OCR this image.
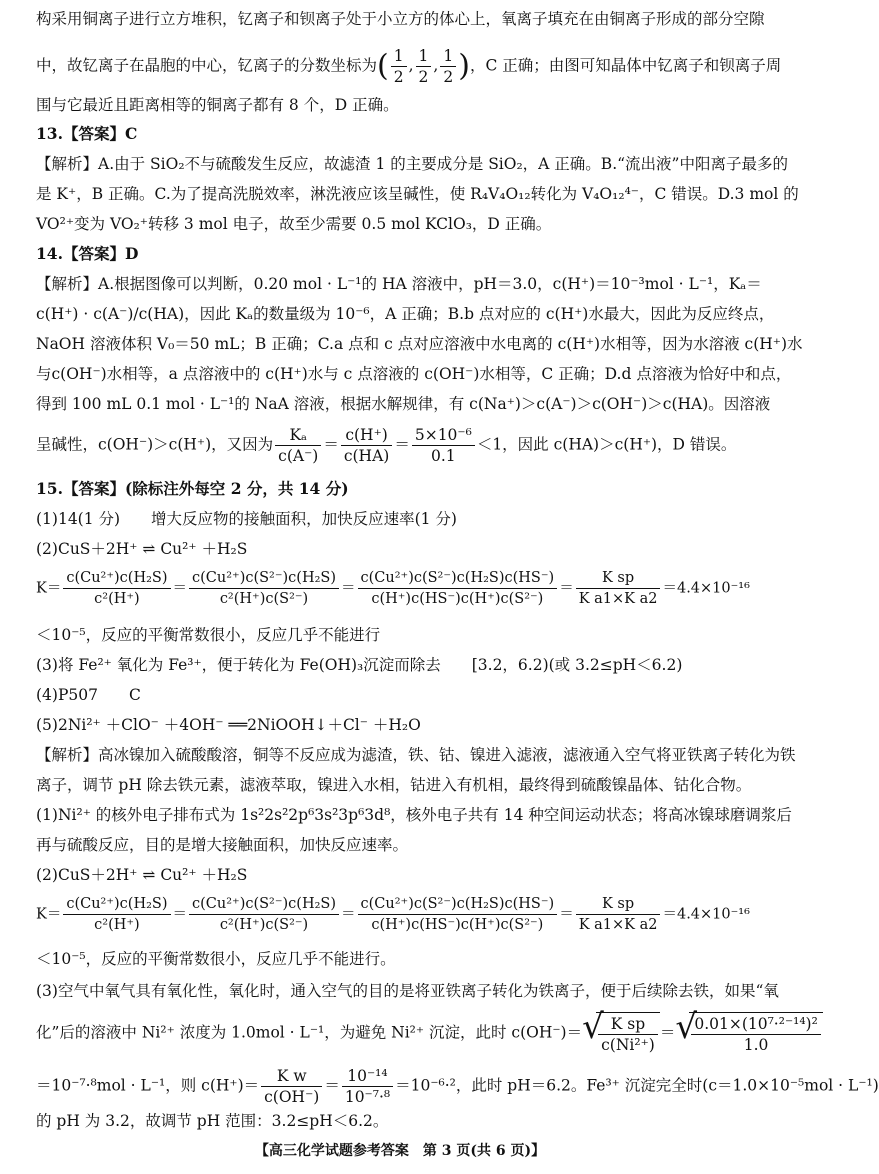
构采用铜离子进行立方堆积，钇离子和钡离子处于小立方的体心上，氧离子填充在由铜离子形成的部分空隙
中，故钇离子在晶胞的中心，钇离子的分数坐标为( $\frac{1}{2}$ , $\frac{1}{2}$ , $\frac{1}{2}$ )，C 正确；由图可知晶体中钇离子和钡离子周
围与它最近且距离相等的铜离子都有 8 个，D 正确。
13.【答案】C
【解析】A.由于 SiO₂不与硫酸发生反应，故滤渣 1 的主要成分是 SiO₂，A 正确。B.“流出液”中阳离子最多的
是 K⁺，B 正确。C.为了提高洗脱效率，淋洗液应该呈碱性，使 R₄V₄O₁₂转化为 V₄O₁₂⁴⁻，C 错误。D.3 mol 的
VO²⁺变为 VO₂⁺转移 3 mol 电子，故至少需要 0.5 mol KClO₃，D 正确。
14.【答案】D
【解析】A.根据图像可以判断，0.20 mol · L⁻¹的 HA 溶液中，pH＝3.0，c(H⁺)＝10⁻³mol · L⁻¹，Kₐ＝
c(H⁺) · c(A⁻)/c(HA)，因此 Kₐ的数量级为 10⁻⁶，A 正确；B.b 点对应的 c(H⁺)水最大，因此为反应终点，
NaOH 溶液体积 V₀＝50 mL；B 正确；C.a 点和 c 点对应溶液中水电离的 c(H⁺)水相等，因为水溶液 c(H⁺)水
与c(OH⁻)水相等，a 点溶液中的 c(H⁺)水与 c 点溶液的 c(OH⁻)水相等，C 正确；D.d 点溶液为恰好中和点，
得到 100 mL 0.1 mol · L⁻¹的 NaA 溶液，根据水解规律，有 c(Na⁺)＞c(A⁻)＞c(OH⁻)＞c(HA)。因溶液
呈碱性，c(OH⁻)＞c(H⁺)，又因为 $\frac{\text{Kₐ}}{c(A^-)} = \frac{c(H^+)}{c(HA)} = \frac{\text{5×10⁻⁶}}{0.1} <1$，因此 c(HA)＞c(H⁺)，D 错误。
15.【答案】(除标注外每空 2 分，共 14 分)
(1)14(1 分)　　增大反应物的接触面积，加快反应速率(1 分)
(2)CuS＋2H⁺ ⇌ Cu²⁺ ＋H₂S
$K= \frac{\text{c(Cu²⁺)c(H₂S)}}{\text{c²(H⁺)}} = \frac{\text{c(Cu²⁺)c(S²⁻)c(H₂S)}}{\text{c²(H⁺)c(S²⁻)}} = \frac{\text{c(Cu²⁺)c(S²⁻)c(H₂S)c(HS⁻)}}{\text{c(H⁺)c(HS⁻)c(H⁺)c(S²⁻)}} = \frac{\text{K sp}}{\text{K a1×K a2}} =4.4\times 10^{-16}$
＜10⁻⁵，反应的平衡常数很小，反应几乎不能进行
(3)将 Fe²⁺ 氧化为 Fe³⁺，便于转化为 Fe(OH)₃沉淀而除去　　[3.2，6.2)(或 3.2≤pH＜6.2)
(4)P507　　C
(5)2Ni²⁺ ＋ClO⁻ ＋4OH⁻ ══2NiOOH↓＋Cl⁻ ＋H₂O
【解析】高冰镍加入硫酸酸溶，铜等不反应成为滤渣，铁、钴、镍进入滤液，滤液通入空气将亚铁离子转化为铁
离子，调节 pH 除去铁元素，滤液萃取，镍进入水相，钴进入有机相，最终得到硫酸镍晶体、钴化合物。
(1)Ni²⁺ 的核外电子排布式为 1s²2s²2p⁶3s²3p⁶3d⁸，核外电子共有 14 种空间运动状态；将高冰镍球磨调浆后
再与硫酸反应，目的是增大接触面积，加快反应速率。
(2)CuS＋2H⁺ ⇌ Cu²⁺ ＋H₂S
$K= \frac{\text{c(Cu²⁺)c(H₂S)}}{\text{c²(H⁺)}} = \frac{\text{c(Cu²⁺)c(S²⁻)c(H₂S)}}{\text{c²(H⁺)c(S²⁻)}} = \frac{\text{c(Cu²⁺)c(S²⁻)c(H₂S)c(HS⁻)}}{\text{c(H⁺)c(HS⁻)c(H⁺)c(S²⁻)}} = \frac{\text{K sp}}{\text{K a1×K a2}} =4.4\times 10^{-16}$
＜10⁻⁵，反应的平衡常数很小，反应几乎不能进行。
(3)空气中氧气具有氧化性，氧化时，通入空气的目的是将亚铁离子转化为铁离子，便于后续除去铁，如果“氧
化”后的溶液中 Ni²⁺ 浓度为 1.0mol · L⁻¹，为避免 Ni²⁺ 沉淀，此时 c(OH⁻)＝ √
$\frac{\text{K sp}}{\text{c(Ni²⁺)}}$ ＝ √
$\frac{\text{0.01×(10⁷·²⁻¹⁴)²}}{1.0}$
＝10⁻⁷·⁸mol · L⁻¹，则 $c(H^+)= \frac{\text{K w}}{c(OH^-)} = \frac{\text{10⁻¹⁴}}{\text{10⁻⁷·⁸}} =10^{-6}\cdot^2$，此时 pH＝6.2。Fe³⁺ 沉淀完全时(c＝1.0×10⁻⁵mol · L⁻¹)
的 pH 为 3.2，故调节 pH 范围：3.2≤pH＜6.2。
【高三化学试题参考答案　第 3 页(共 6 页)】
